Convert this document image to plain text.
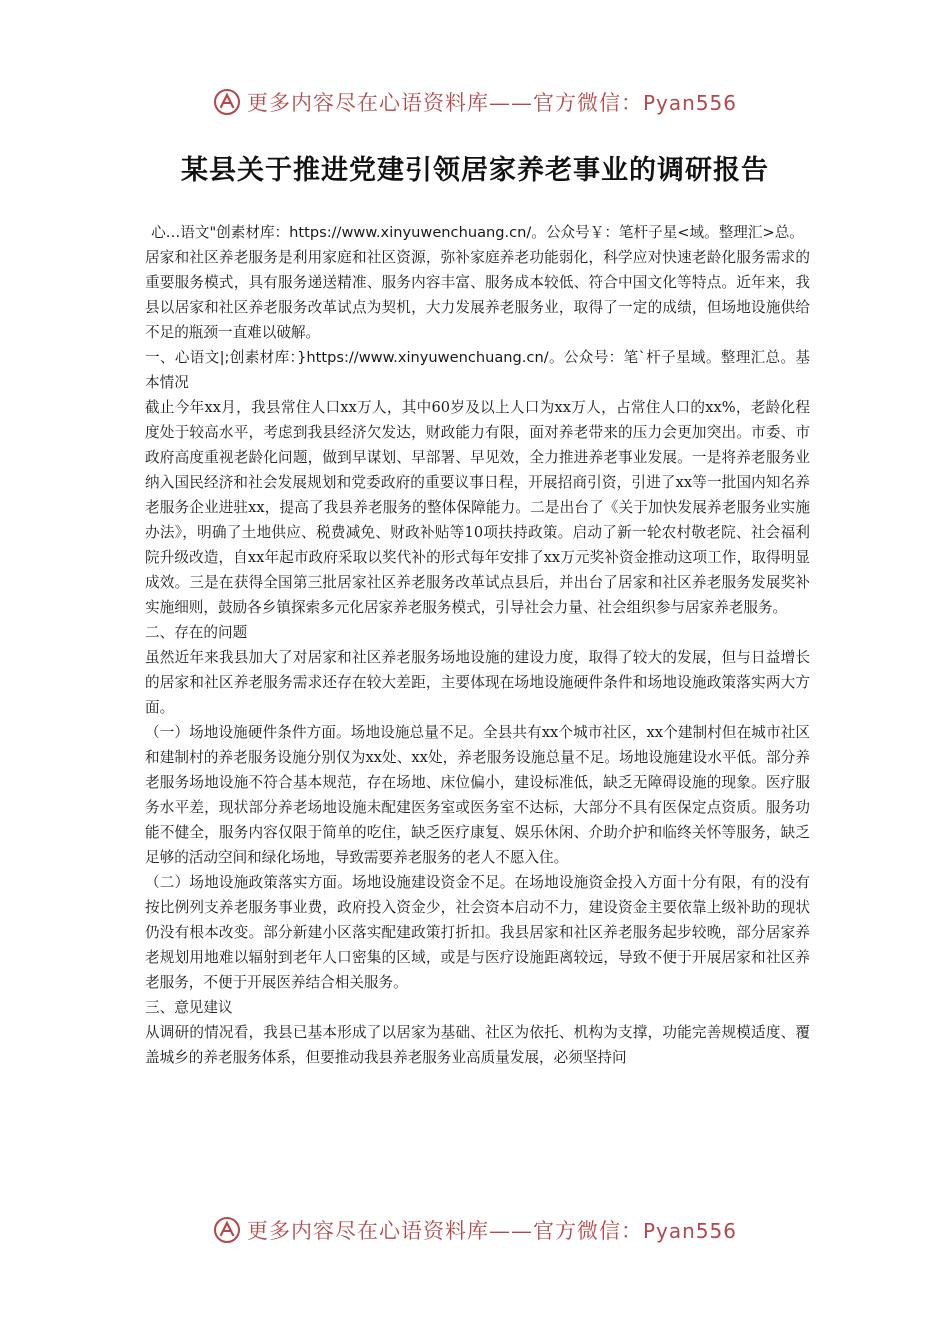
更多内容尽在心语资料库——官方微信：Pyan556
某县关于推进党建引领居家养老事业的调研报告

心…语文"创素材库：https://www.xinyuwenchuang.cn/。公众号￥：笔杆子星<域。整理汇>总。

居家和社区养老服务是利用家庭和社区资源，弥补家庭养老功能弱化，科学应对快速老龄化服务需求的重要服务模式，具有服务递送精准、服务内容丰富、服务成本较低、符合中国文化等特点。近年来，我县以居家和社区养老服务改革试点为契机，大力发展养老服务业，取得了一定的成绩，但场地设施供给不足的瓶颈一直难以破解。

一、心语文|;创素材库：}https://www.xinyuwenchuang.cn/。公众号：笔`杆子星域。整理汇总。基本情况

截止今年xx月，我县常住人口xx万人，其中60岁及以上人口为xx万人，占常住人口的xx%，老龄化程度处于较高水平，考虑到我县经济欠发达，财政能力有限，面对养老带来的压力会更加突出。市委、市政府高度重视老龄化问题，做到早谋划、早部署、早见效，全力推进养老事业发展。一是将养老服务业纳入国民经济和社会发展规划和党委政府的重要议事日程，开展招商引资，引进了xx等一批国内知名养老服务企业进驻xx，提高了我县养老服务的整体保障能力。二是出台了《关于加快发展养老服务业实施办法》，明确了土地供应、税费减免、财政补贴等10项扶持政策。启动了新一轮农村敬老院、社会福利院升级改造，自xx年起市政府采取以奖代补的形式每年安排了xx万元奖补资金推动这项工作，取得明显成效。三是在获得全国第三批居家社区养老服务改革试点县后，并出台了居家和社区养老服务发展奖补实施细则，鼓励各乡镇探索多元化居家养老服务模式，引导社会力量、社会组织参与居家养老服务。

二、存在的问题

虽然近年来我县加大了对居家和社区养老服务场地设施的建设力度，取得了较大的发展，但与日益增长的居家和社区养老服务需求还存在较大差距，主要体现在场地设施硬件条件和场地设施政策落实两大方面。

（一）场地设施硬件条件方面。场地设施总量不足。全县共有xx个城市社区，xx个建制村但在城市社区和建制村的养老服务设施分别仅为xx处、xx处，养老服务设施总量不足。场地设施建设水平低。部分养老服务场地设施不符合基本规范，存在场地、床位偏小，建设标准低，缺乏无障碍设施的现象。医疗服务水平差，现状部分养老场地设施未配建医务室或医务室不达标，大部分不具有医保定点资质。服务功能不健全，服务内容仅限于简单的吃住，缺乏医疗康复、娱乐休闲、介助介护和临终关怀等服务，缺乏足够的活动空间和绿化场地，导致需要养老服务的老人不愿入住。

（二）场地设施政策落实方面。场地设施建设资金不足。在场地设施资金投入方面十分有限，有的没有按比例列支养老服务事业费，政府投入资金少，社会资本启动不力，建设资金主要依靠上级补助的现状仍没有根本改变。部分新建小区落实配建政策打折扣。我县居家和社区养老服务起步较晚，部分居家养老规划用地难以辐射到老年人口密集的区域，或是与医疗设施距离较远，导致不便于开展居家和社区养老服务，不便于开展医养结合相关服务。

三、意见建议

从调研的情况看，我县已基本形成了以居家为基础、社区为依托、机构为支撑，功能完善规模适度、覆盖城乡的养老服务体系，但要推动我县养老服务业高质量发展，必须坚持问

更多内容尽在心语资料库——官方微信：Pyan556
